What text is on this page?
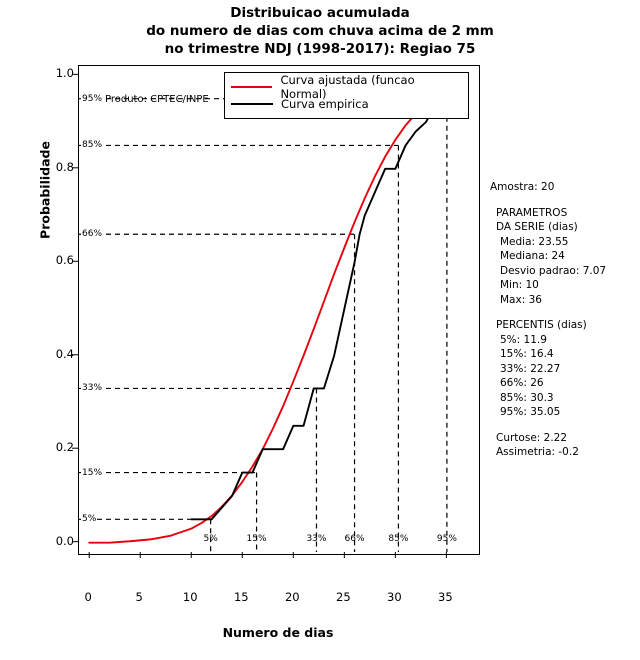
Distribuicao acumulada
do numero de dias com chuva acima de 2 mm
no trimestre NDJ (1998-2017): Regiao 75
Probabilidade
0.0
0.2
0.4
0.6
0.8
1.0
0	5	10	15	20	25	30	35
Numero de dias
Produto: CPTEC/INPE
Curva ajustada (funcao Normal)
Curva empirica
5%
5%
15%
15%
33%
33%
66%
66%
85%
85%
95%
95%
Amostra: 20
PARAMETROS
DA SERIE (dias)
Media: 23.55
Mediana: 24
Desvio padrao: 7.07
Min: 10
Max: 36
PERCENTIS (dias)
5%: 11.9
15%: 16.4
33%: 22.27
66%: 26
85%: 30.3
95%: 35.05
Curtose: 2.22
Assimetria: -0.2
